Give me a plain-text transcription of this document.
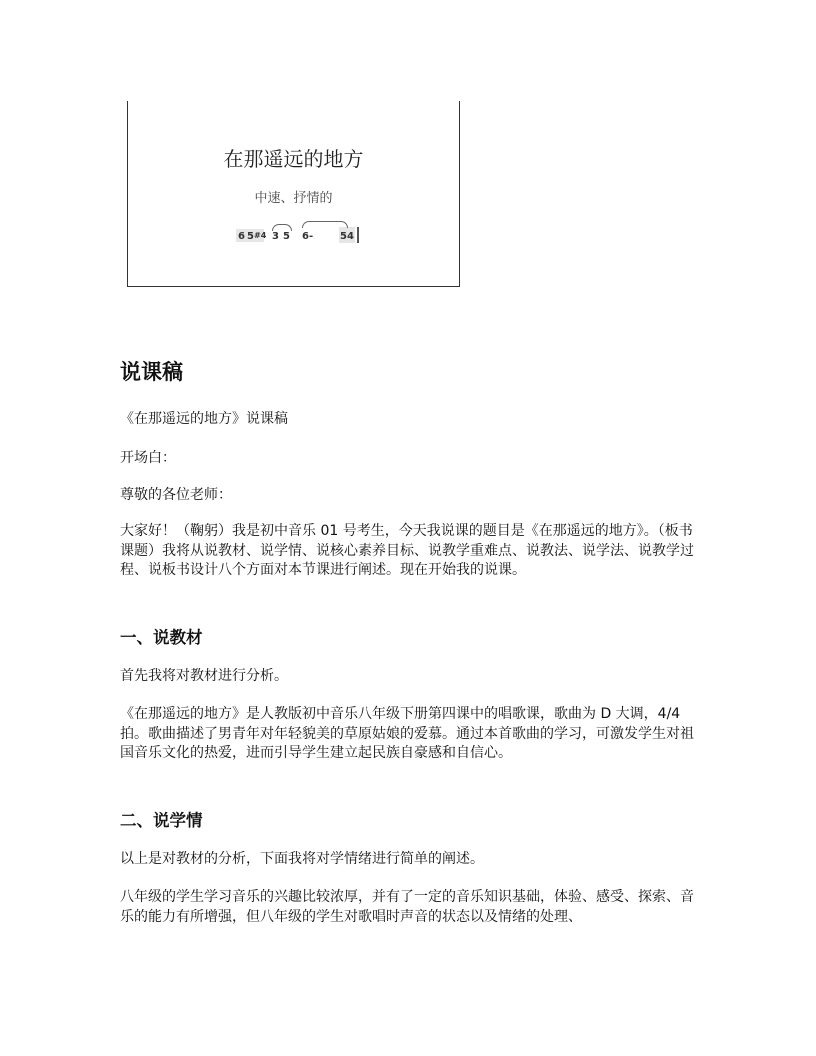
在那遥远的地方
中速、抒情的
6 5 #4 3 5 6-	5 4
说课稿
《在那遥远的地方》说课稿
开场白：
尊敬的各位老师：
大家好！（鞠躬）我是初中音乐 01 号考生，今天我说课的题目是《在那遥远的地方》。（板书课题）我将从说教材、说学情、说核心素养目标、说教学重难点、说教法、说学法、说教学过程、说板书设计八个方面对本节课进行阐述。现在开始我的说课。
一、说教材
首先我将对教材进行分析。
《在那遥远的地方》是人教版初中音乐八年级下册第四课中的唱歌课，歌曲为 D 大调，4/4 拍。歌曲描述了男青年对年轻貌美的草原姑娘的爱慕。通过本首歌曲的学习，可激发学生对祖国音乐文化的热爱，进而引导学生建立起民族自豪感和自信心。
二、说学情
以上是对教材的分析，下面我将对学情绪进行简单的阐述。
八年级的学生学习音乐的兴趣比较浓厚，并有了一定的音乐知识基础，体验、感受、探索、音乐的能力有所增强，但八年级的学生对歌唱时声音的状态以及情绪的处理、
